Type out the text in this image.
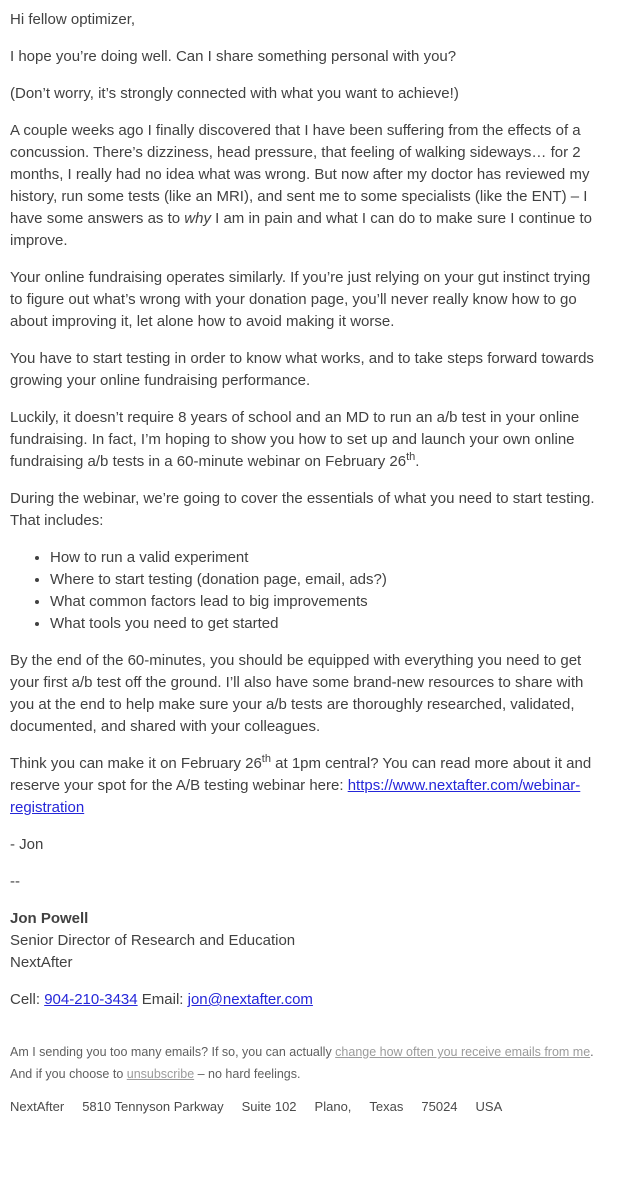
Hi fellow optimizer,

I hope you’re doing well. Can I share something personal with you?

(Don’t worry, it’s strongly connected with what you want to achieve!)

A couple weeks ago I finally discovered that I have been suffering from the effects of a concussion. There’s dizziness, head pressure, that feeling of walking sideways… for 2 months, I really had no idea what was wrong. But now after my doctor has reviewed my history, run some tests (like an MRI), and sent me to some specialists (like the ENT) – I have some answers as to why I am in pain and what I can do to make sure I continue to improve.

Your online fundraising operates similarly. If you’re just relying on your gut instinct trying to figure out what’s wrong with your donation page, you’ll never really know how to go about improving it, let alone how to avoid making it worse.

You have to start testing in order to know what works, and to take steps forward towards growing your online fundraising performance.

Luckily, it doesn’t require 8 years of school and an MD to run an a/b test in your online fundraising. In fact, I’m hoping to show you how to set up and launch your own online fundraising a/b tests in a 60-minute webinar on February 26th.

During the webinar, we’re going to cover the essentials of what you need to start testing. That includes:

• How to run a valid experiment
• Where to start testing (donation page, email, ads?)
• What common factors lead to big improvements
• What tools you need to get started

By the end of the 60-minutes, you should be equipped with everything you need to get your first a/b test off the ground. I’ll also have some brand-new resources to share with you at the end to help make sure your a/b tests are thoroughly researched, validated, documented, and shared with your colleagues.

Think you can make it on February 26th at 1pm central? You can read more about it and reserve your spot for the A/B testing webinar here: https://www.nextafter.com/webinar-registration

- Jon

--

Jon Powell
Senior Director of Research and Education
NextAfter
Cell: 904-210-3434 Email: jon@nextafter.com

Am I sending you too many emails? If so, you can actually change how often you receive emails from me. And if you choose to unsubscribe – no hard feelings.

NextAfter 5810 Tennyson Parkway Suite 102 Plano, Texas 75024 USA
